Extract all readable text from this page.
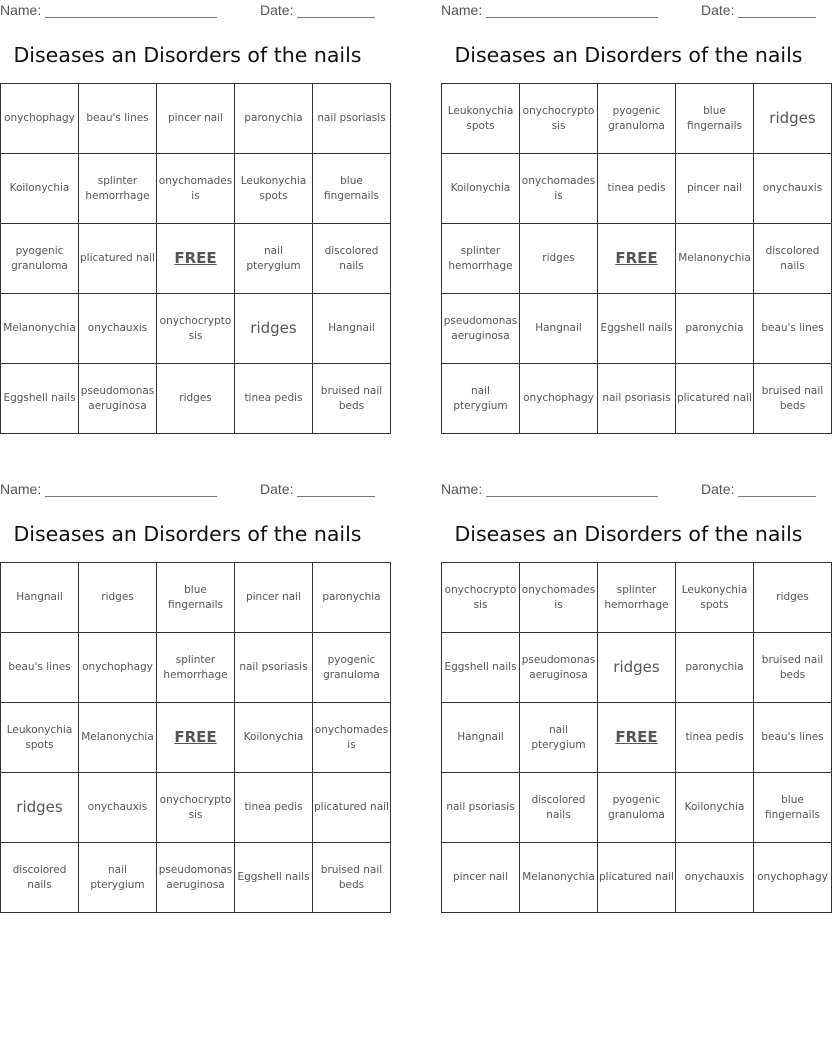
Name:	Date:
Diseases an Disorders of the nails
onychophagy	beau's lines	pincer nail	paronychia	nail psoriasis
Koilonychia	splinter hemorrhage	onychomadesis	Leukonychia spots	blue fingernails
pyogenic granuloma	plicatured nail	FREE	nail pterygium	discolored nails
Melanonychia	onychauxis	onychocryptosis	ridges	Hangnail
Eggshell nails	pseudomonas aeruginosa	ridges	tinea pedis	bruised nail beds
Name:	Date:
Diseases an Disorders of the nails
Leukonychia spots	onychocryptosis	pyogenic granuloma	blue fingernails	ridges
Koilonychia	onychomadesis	tinea pedis	pincer nail	onychauxis
splinter hemorrhage	ridges	FREE	Melanonychia	discolored nails
pseudomonas aeruginosa	Hangnail	Eggshell nails	paronychia	beau's lines
nail pterygium	onychophagy	nail psoriasis	plicatured nail	bruised nail beds
Name:	Date:
Diseases an Disorders of the nails
Hangnail	ridges	blue fingernails	pincer nail	paronychia
beau's lines	onychophagy	splinter hemorrhage	nail psoriasis	pyogenic granuloma
Leukonychia spots	Melanonychia	FREE	Koilonychia	onychomadesis
ridges	onychauxis	onychocryptosis	tinea pedis	plicatured nail
discolored nails	nail pterygium	pseudomonas aeruginosa	Eggshell nails	bruised nail beds
Name:	Date:
Diseases an Disorders of the nails
onychocryptosis	onychomadesis	splinter hemorrhage	Leukonychia spots	ridges
Eggshell nails	pseudomonas aeruginosa	ridges	paronychia	bruised nail beds
Hangnail	nail pterygium	FREE	tinea pedis	beau's lines
nail psoriasis	discolored nails	pyogenic granuloma	Koilonychia	blue fingernails
pincer nail	Melanonychia	plicatured nail	onychauxis	onychophagy
